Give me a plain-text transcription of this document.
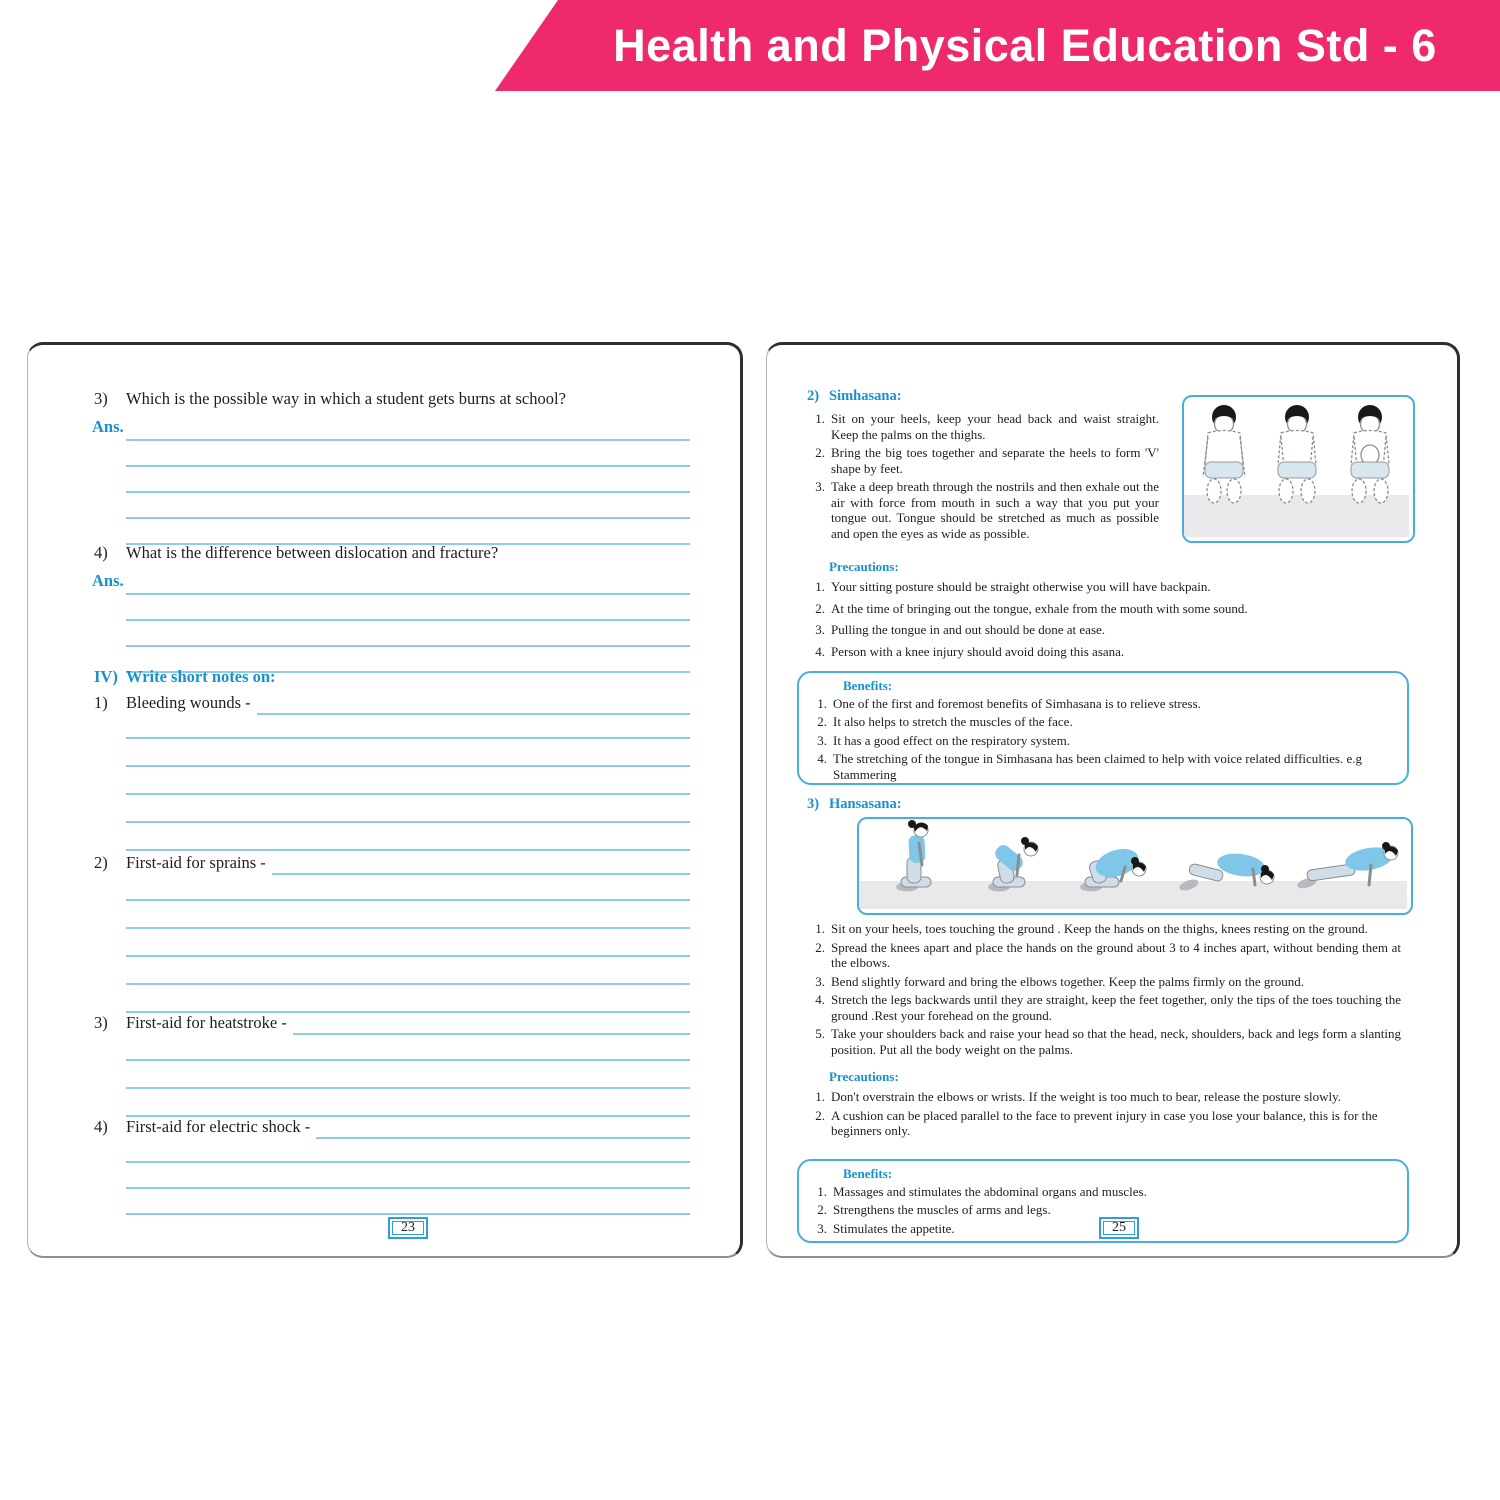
Health and Physical Education Std - 6
3)	Which is the possible way in which a student gets burns at school?
Ans.
4)	What is the difference between dislocation and fracture?
Ans.
IV) Write short notes on:
1)	Bleeding wounds -
2)	First-aid for sprains -
3)	First-aid for heatstroke -
4)	First-aid for electric shock -
23
2) Simhasana:
1. Sit on your heels, keep your head back and waist straight. Keep the palms on the thighs.
2. Bring the big toes together and separate the heels to form 'V' shape by feet.
3. Take a deep breath through the nostrils and then exhale out the air with force from mouth in such a way that you put your tongue out. Tongue should be stretched as much as possible and open the eyes as wide as possible.
Precautions:
1. Your sitting posture should be straight otherwise you will have backpain.
2. At the time of bringing out the tongue, exhale from the mouth with some sound.
3. Pulling the tongue in and out should be done at ease.
4. Person with a knee injury should avoid doing this asana.
Benefits:
1. One of the first and foremost benefits of Simhasana is to relieve stress.
2. It also helps to stretch the muscles of the face.
3. It has a good effect on the respiratory system.
4. The stretching of the tongue in Simhasana has been claimed to help with voice related difficulties. e.g Stammering
3) Hansasana:
1. Sit on your heels, toes touching the ground . Keep the hands on the thighs, knees resting on the ground.
2. Spread the knees apart and place the hands on the ground about 3 to 4 inches apart, without bending them at the elbows.
3. Bend slightly forward and bring the elbows together. Keep the palms firmly on the ground.
4. Stretch the legs backwards until they are straight, keep the feet together, only the tips of the toes touching the ground .Rest your forehead on the ground.
5. Take your shoulders back and raise your head so that the head, neck, shoulders, back and legs form a slanting position. Put all the body weight on the palms.
Precautions:
1. Don't overstrain the elbows or wrists. If the weight is too much to bear, release the posture slowly.
2. A cushion can be placed parallel to the face to prevent injury in case you lose your balance, this is for the beginners only.
Benefits:
1. Massages and stimulates the abdominal organs and muscles.
2. Strengthens the muscles of arms and legs.
3. Stimulates the appetite.	25
